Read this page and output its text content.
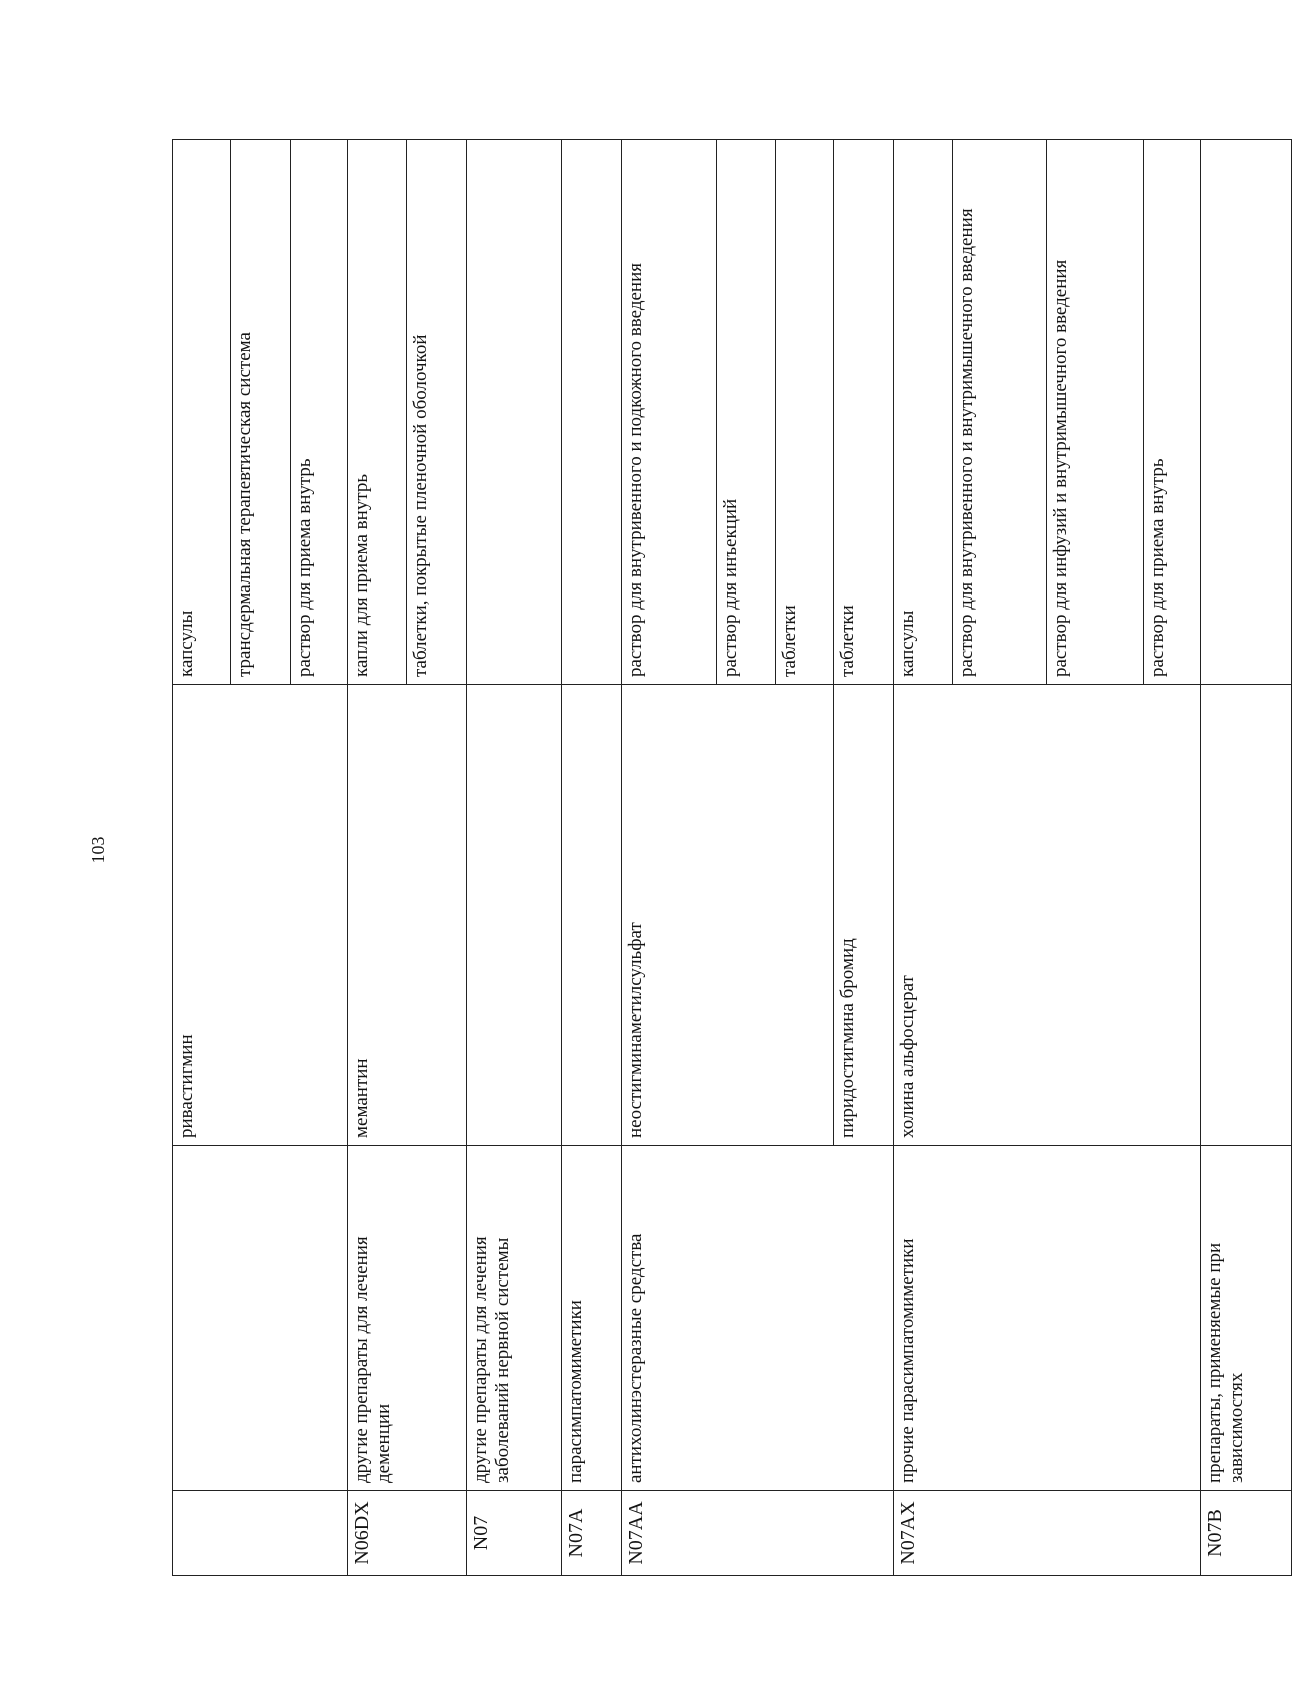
103
		ривастигмин	капсулы
			трансдермальная терапевтическая система
			раствор для приема внутрь
N06DX	другие препараты для лечения деменции	мемантин	капли для приема внутрь
			таблетки, покрытые пленочной оболочкой
N07	другие препараты для лечения заболеваний нервной системы		
N07A	парасимпатомиметики		
N07AA	антихолинэстеразные средства	неостигминаметилсульфат	раствор для внутривенного и подкожного введения
			раствор для инъекций
			таблетки
		пиридостигмина бромид	таблетки
N07AX	прочие парасимпатомиметики	холина альфосцерат	капсулы
			раствор для внутривенного и внутримышечного введения
			раствор для инфузий и внутримышечного введения
			раствор для приема внутрь
N07B	препараты, применяемые при зависимостях		
